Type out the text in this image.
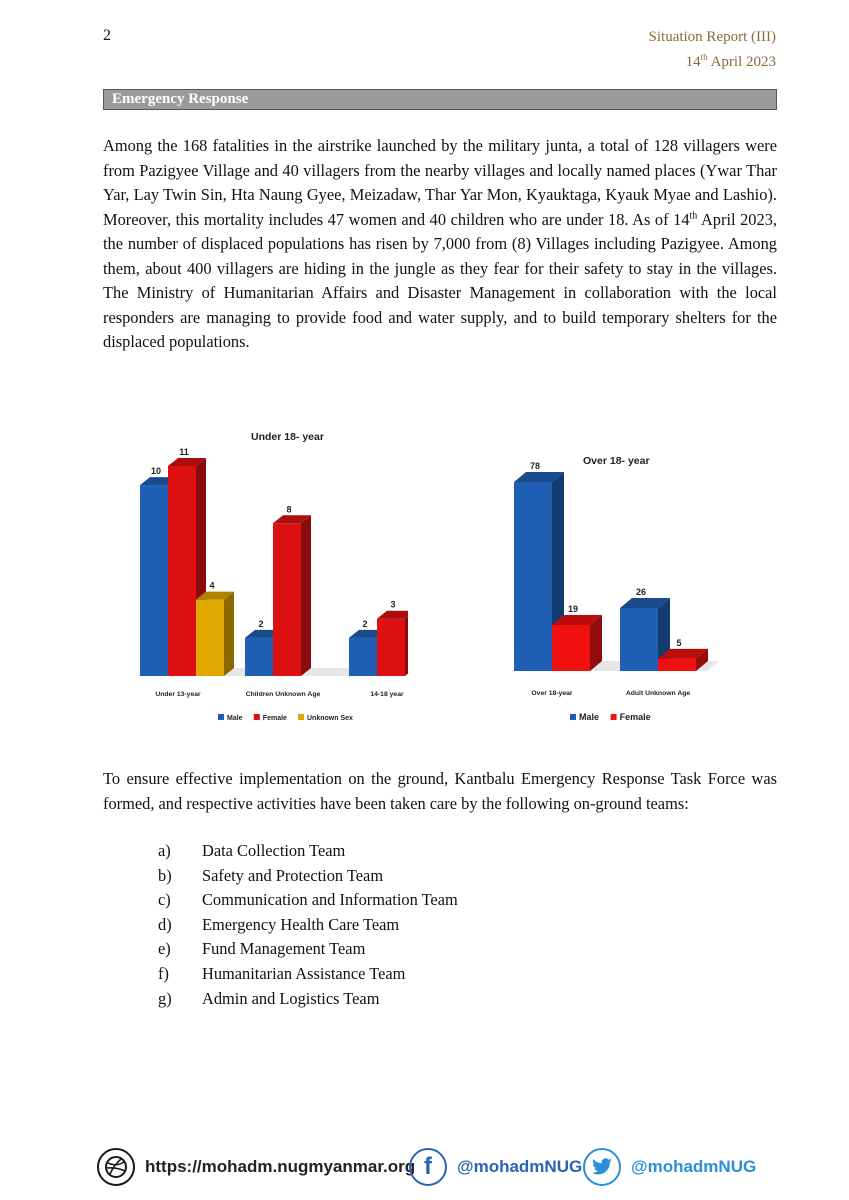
2	Situation Report (III)
14th April 2023
Emergency Response

Among the 168 fatalities in the airstrike launched by the military junta, a total of 128 villagers were from Pazigyee Village and 40 villagers from the nearby villages and locally named places (Ywar Thar Yar, Lay Twin Sin, Hta Naung Gyee, Meizadaw, Thar Yar Mon, Kyauktaga, Kyauk Myae and Lashio). Moreover, this mortality includes 47 women and 40 children who are under 18. As of 14th April 2023, the number of displaced populations has risen by 7,000 from (8) Villages including Pazigyee. Among them, about 400 villagers are hiding in the jungle as they fear for their safety to stay in the villages. The Ministry of Humanitarian Affairs and Disaster Management in collaboration with the local responders are managing to provide food and water supply, and to build temporary shelters for the displaced populations.

Under 18- year
10
11
4
Under 13-year
2
8
Children Unknown Age
2
3
14-18 year
Male	Female	Unknown Sex
Over 18- year
78
19
Over 18-year
26
5
Adult Unknown Age
Male Female

To ensure effective implementation on the ground, Kantbalu Emergency Response Task Force was formed, and respective activities have been taken care by the following on-ground teams:

a)	Data Collection Team
b)	Safety and Protection Team
c)	Communication and Information Team
d)	Emergency Health Care Team
e)	Fund Management Team
f)	Humanitarian Assistance Team
g)	Admin and Logistics Team
https://mohadm.nugmyanmar.org f	@mohadmNUG	@mohadmNUG
